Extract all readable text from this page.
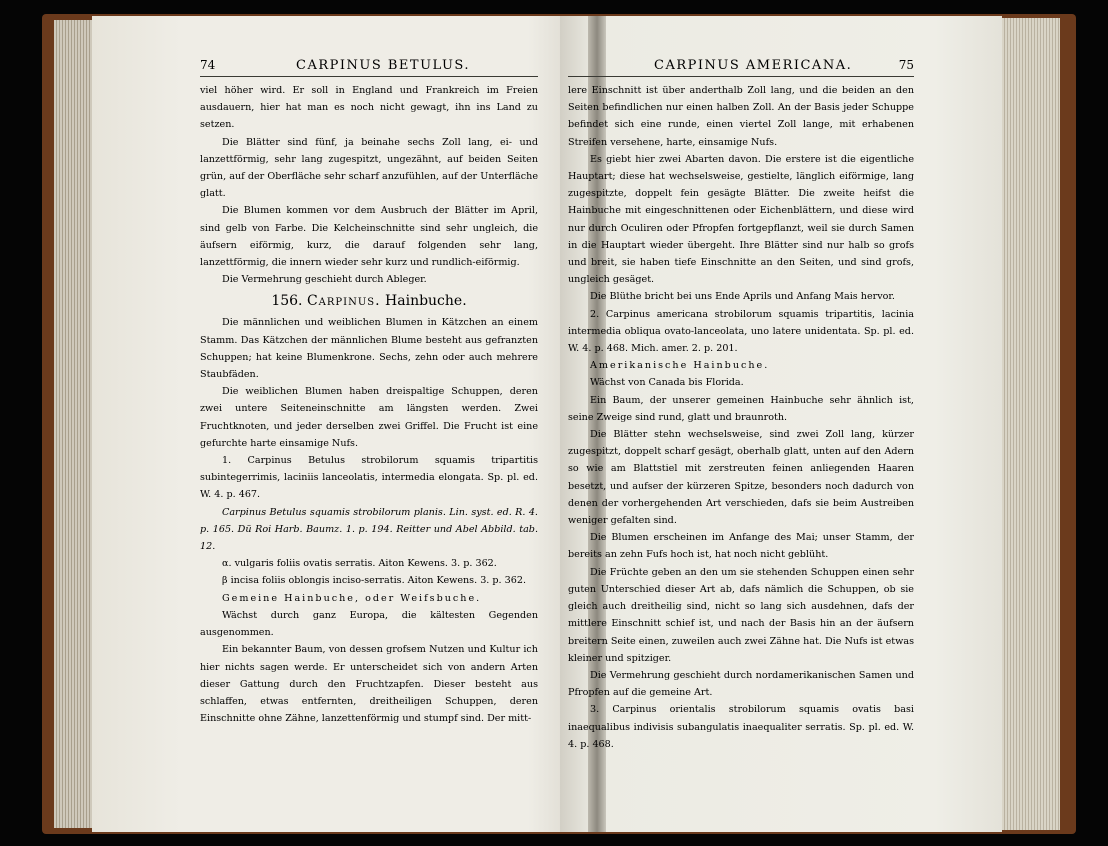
74	CARPINUS BETULUS.	CARPINUS AMERICANA.	75

viel höher wird. Er soll in England und Frankreich im Freien ausdauern, hier hat man es noch nicht gewagt, ihn ins Land zu setzen.

Die Blätter sind fünf, ja beinahe sechs Zoll lang, ei- und lanzettförmig, sehr lang zugespitzt, ungezähnt, auf beiden Seiten grün, auf der Oberfläche sehr scharf anzufühlen, auf der Unterfläche glatt.

Die Blumen kommen vor dem Ausbruch der Blätter im April, sind gelb von Farbe. Die Kelcheinschnitte sind sehr ungleich, die äufsern eiförmig, kurz, die darauf folgenden sehr lang, lanzettförmig, die innern wieder sehr kurz und rundlich-eiförmig.

Die Vermehrung geschieht durch Ableger.

156. Carpinus. Hainbuche.

Die männlichen und weiblichen Blumen in Kätzchen an einem Stamm. Das Kätzchen der männlichen Blume besteht aus gefranzten Schuppen; hat keine Blumenkrone. Sechs, zehn oder auch mehrere Staubfäden.

Die weiblichen Blumen haben dreispaltige Schuppen, deren zwei untere Seiteneinschnitte am längsten werden. Zwei Fruchtknoten, und jeder derselben zwei Griffel. Die Frucht ist eine gefurchte harte einsamige Nufs.

1. Carpinus Betulus strobilorum squamis tripartitis subintegerrimis, laciniis lanceolatis, intermedia elongata. Sp. pl. ed. W. 4. p. 467.

Carpinus Betulus squamis strobilorum planis. Lin. syst. ed. R. 4. p. 165. Dü Roi Harb. Baumz. 1. p. 194. Reitter und Abel Abbild. tab. 12.

α. vulgaris foliis ovatis serratis. Aiton Kewens. 3. p. 362.

β incisa foliis oblongis inciso-serratis. Aiton Kewens. 3. p. 362.

Gemeine Hainbuche, oder Weifsbuche.

Wächst durch ganz Europa, die kältesten Gegenden ausgenommen.

Ein bekannter Baum, von dessen grofsem Nutzen und Kultur ich hier nichts sagen werde. Er unterscheidet sich von andern Arten dieser Gattung durch den Fruchtzapfen. Dieser besteht aus schlaffen, etwas entfernten, dreitheiligen Schuppen, deren Einschnitte ohne Zähne, lanzettenförmig und stumpf sind. Der mitt-

lere Einschnitt ist über anderthalb Zoll lang, und die beiden an den Seiten befindlichen nur einen halben Zoll. An der Basis jeder Schuppe befindet sich eine runde, einen viertel Zoll lange, mit erhabenen Streifen versehene, harte, einsamige Nufs.

Es giebt hier zwei Abarten davon. Die erstere ist die eigentliche Hauptart; diese hat wechselsweise, gestielte, länglich eiförmige, lang zugespitzte, doppelt fein gesägte Blätter. Die zweite heifst die Hainbuche mit eingeschnittenen oder Eichenblättern, und diese wird nur durch Oculiren oder Pfropfen fortgepflanzt, weil sie durch Samen in die Hauptart wieder übergeht. Ihre Blätter sind nur halb so grofs und breit, sie haben tiefe Einschnitte an den Seiten, und sind grofs, ungleich gesäget.

Die Blüthe bricht bei uns Ende Aprils und Anfang Mais hervor.

2. Carpinus americana strobilorum squamis tripartitis, lacinia intermedia obliqua ovato-lanceolata, uno latere unidentata. Sp. pl. ed. W. 4. p. 468. Mich. amer. 2. p. 201.

Amerikanische Hainbuche.

Wächst von Canada bis Florida.

Ein Baum, der unserer gemeinen Hainbuche sehr ähnlich ist, seine Zweige sind rund, glatt und braunroth.

Die Blätter stehn wechselsweise, sind zwei Zoll lang, kürzer zugespitzt, doppelt scharf gesägt, oberhalb glatt, unten auf den Adern so wie am Blattstiel mit zerstreuten feinen anliegenden Haaren besetzt, und aufser der kürzeren Spitze, besonders noch dadurch von denen der vorhergehenden Art verschieden, dafs sie beim Austreiben weniger gefalten sind.

Die Blumen erscheinen im Anfange des Mai; unser Stamm, der bereits an zehn Fufs hoch ist, hat noch nicht geblüht.

Die Früchte geben an den um sie stehenden Schuppen einen sehr guten Unterschied dieser Art ab, dafs nämlich die Schuppen, ob sie gleich auch dreitheilig sind, nicht so lang sich ausdehnen, dafs der mittlere Einschnitt schief ist, und nach der Basis hin an der äufsern breitern Seite einen, zuweilen auch zwei Zähne hat. Die Nufs ist etwas kleiner und spitziger.

Die Vermehrung geschieht durch nordamerikanischen Samen und Pfropfen auf die gemeine Art.

3. Carpinus orientalis strobilorum squamis ovatis basi inaequalibus indivisis subangulatis inaequaliter serratis. Sp. pl. ed. W. 4. p. 468.
